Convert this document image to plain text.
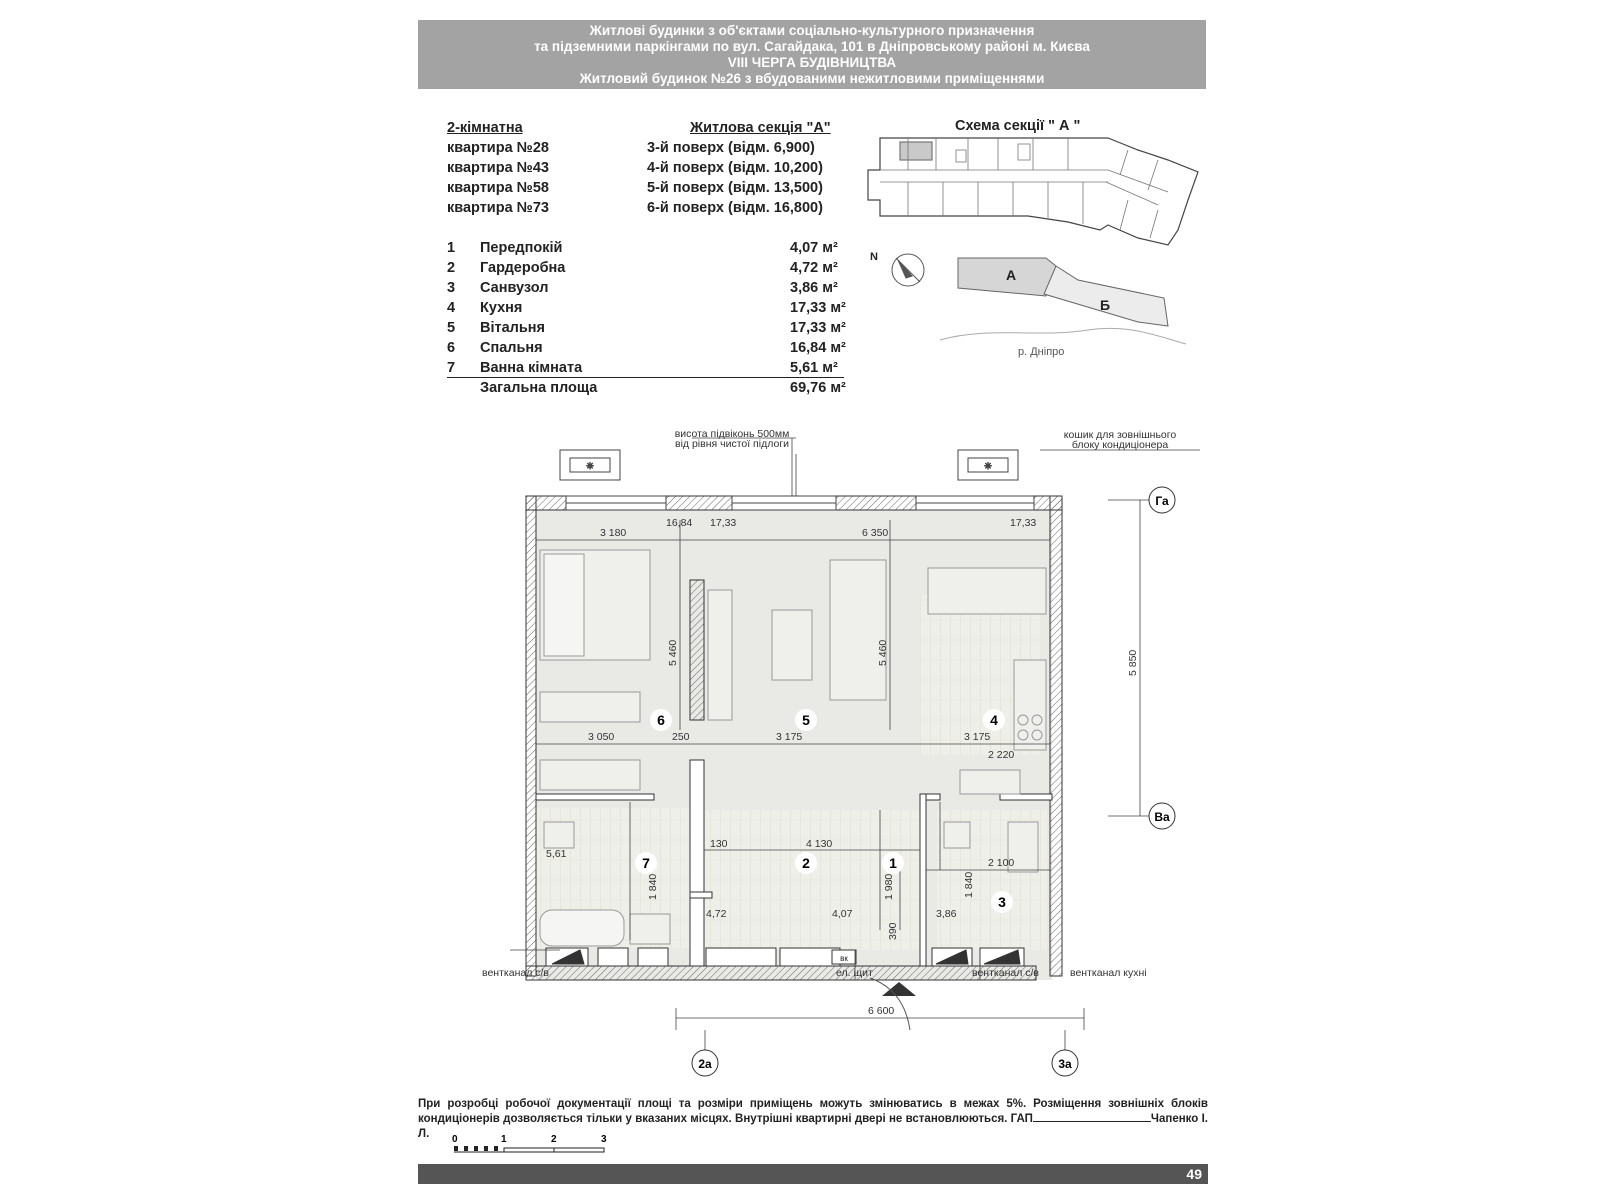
Житлові будинки з об'єктами соціально-культурного призначення
та підземними паркінгами по вул. Сагайдака, 101 в Дніпровському районі м. Києва
VIII ЧЕРГА БУДІВНИЦТВА
Житловий будинок №26 з вбудованими нежитловими приміщеннями
2-кімнатна	Житлова секція "А"
квартира №28	3-й поверх (відм. 6,900)
квартира №43	4-й поверх (відм. 10,200)
квартира №58	5-й поверх (відм. 13,500)
квартира №73	6-й поверх (відм. 16,800)
1 Передпокій	4,07 м²
2 Гардеробна	4,72 м²
3 Санвузол	3,86 м²
4 Кухня	17,33 м²
5 Вітальня	17,33 м²
6 Спальня	16,84 м²
7 Ванна кімната	5,61 м²
Загальна площа	69,76 м²
Схема секції " А "
N
А
Б
р. Дніпро
✳	✳
вк
16,84 17,33	17,33
5,61
4,72	4,07	3,86
3 180	6 350
5 460	5 460	5 850
3 050	250	3 175	3 175
2 220
130	4 130
1 840	1 980	1 840
2 100
390
6 600
6	5	4
7	2	1
3
Га
Ва
2а	3а
висота підвіконь 500мм
від рівня чистої підлоги
кошик для зовнішнього
блоку кондиціонера
вентканал с/в	ел. щит	вентканал с/в	вентканал кухні
При розробці робочої документації площі та розміри приміщень можуть змінюватись в межах 5%. Розміщення зовнішніх блоків кондиціонерів дозволяється тільки у вказаних місцях. Внутрішні квартирні двері не встановлюються. ГАП	Чапенко І. Л.	0	1	2	3
49
